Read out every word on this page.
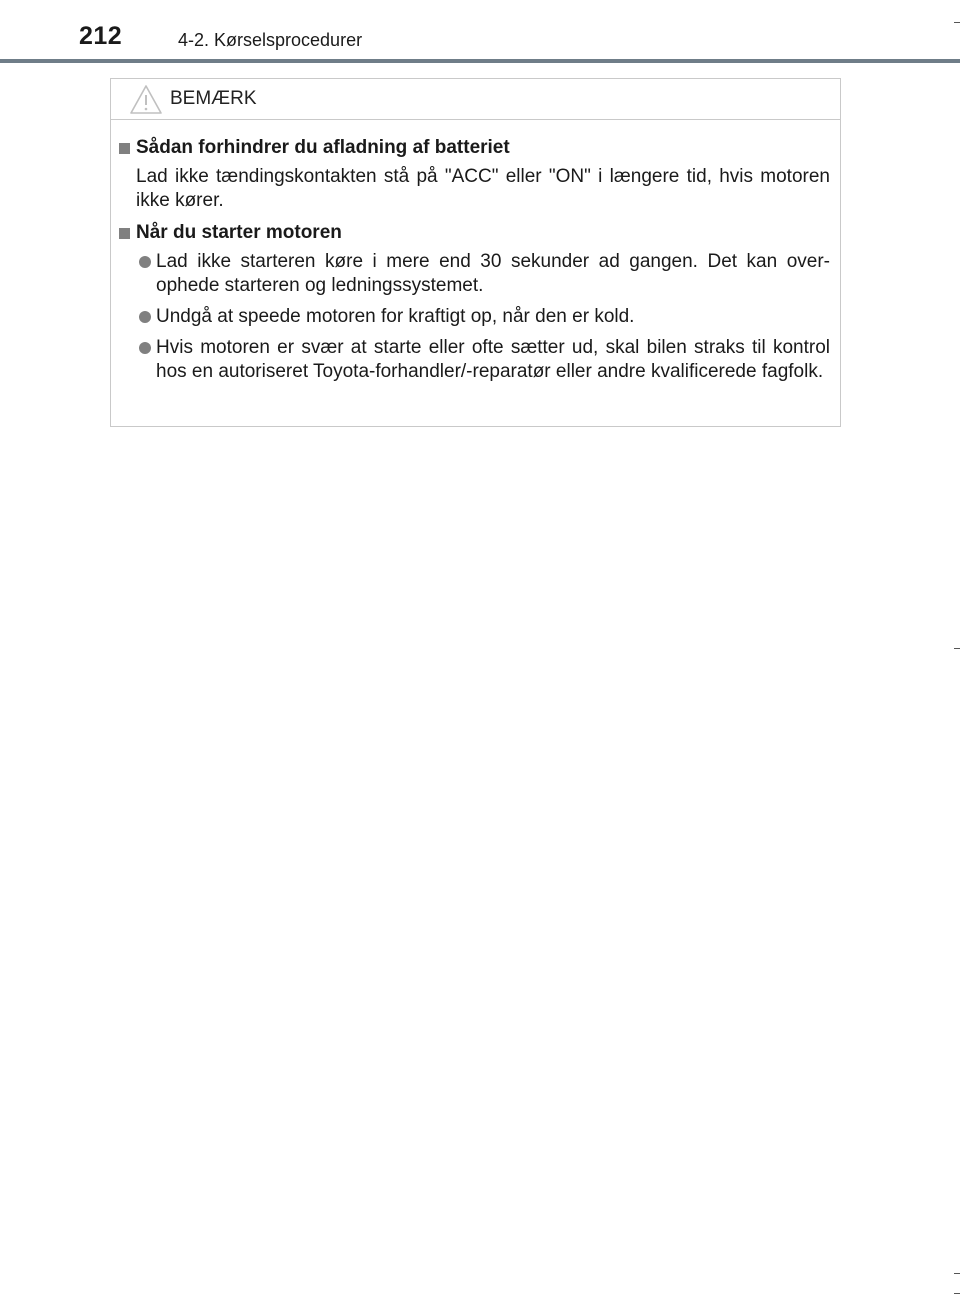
212	4-2. Kørselsprocedurer
BEMÆRK
Sådan forhindrer du afladning af batteriet
Lad ikke tændingskontakten stå på "ACC" eller "ON" i længere tid, hvis motoren ikke kører.
Når du starter motoren
Lad ikke starteren køre i mere end 30 sekunder ad gangen. Det kan overophede starteren og ledningssystemet.
Undgå at speede motoren for kraftigt op, når den er kold.
Hvis motoren er svær at starte eller ofte sætter ud, skal bilen straks til kontrol hos en autoriseret Toyota-forhandler/-reparatør eller andre kvalificerede fagfolk.
